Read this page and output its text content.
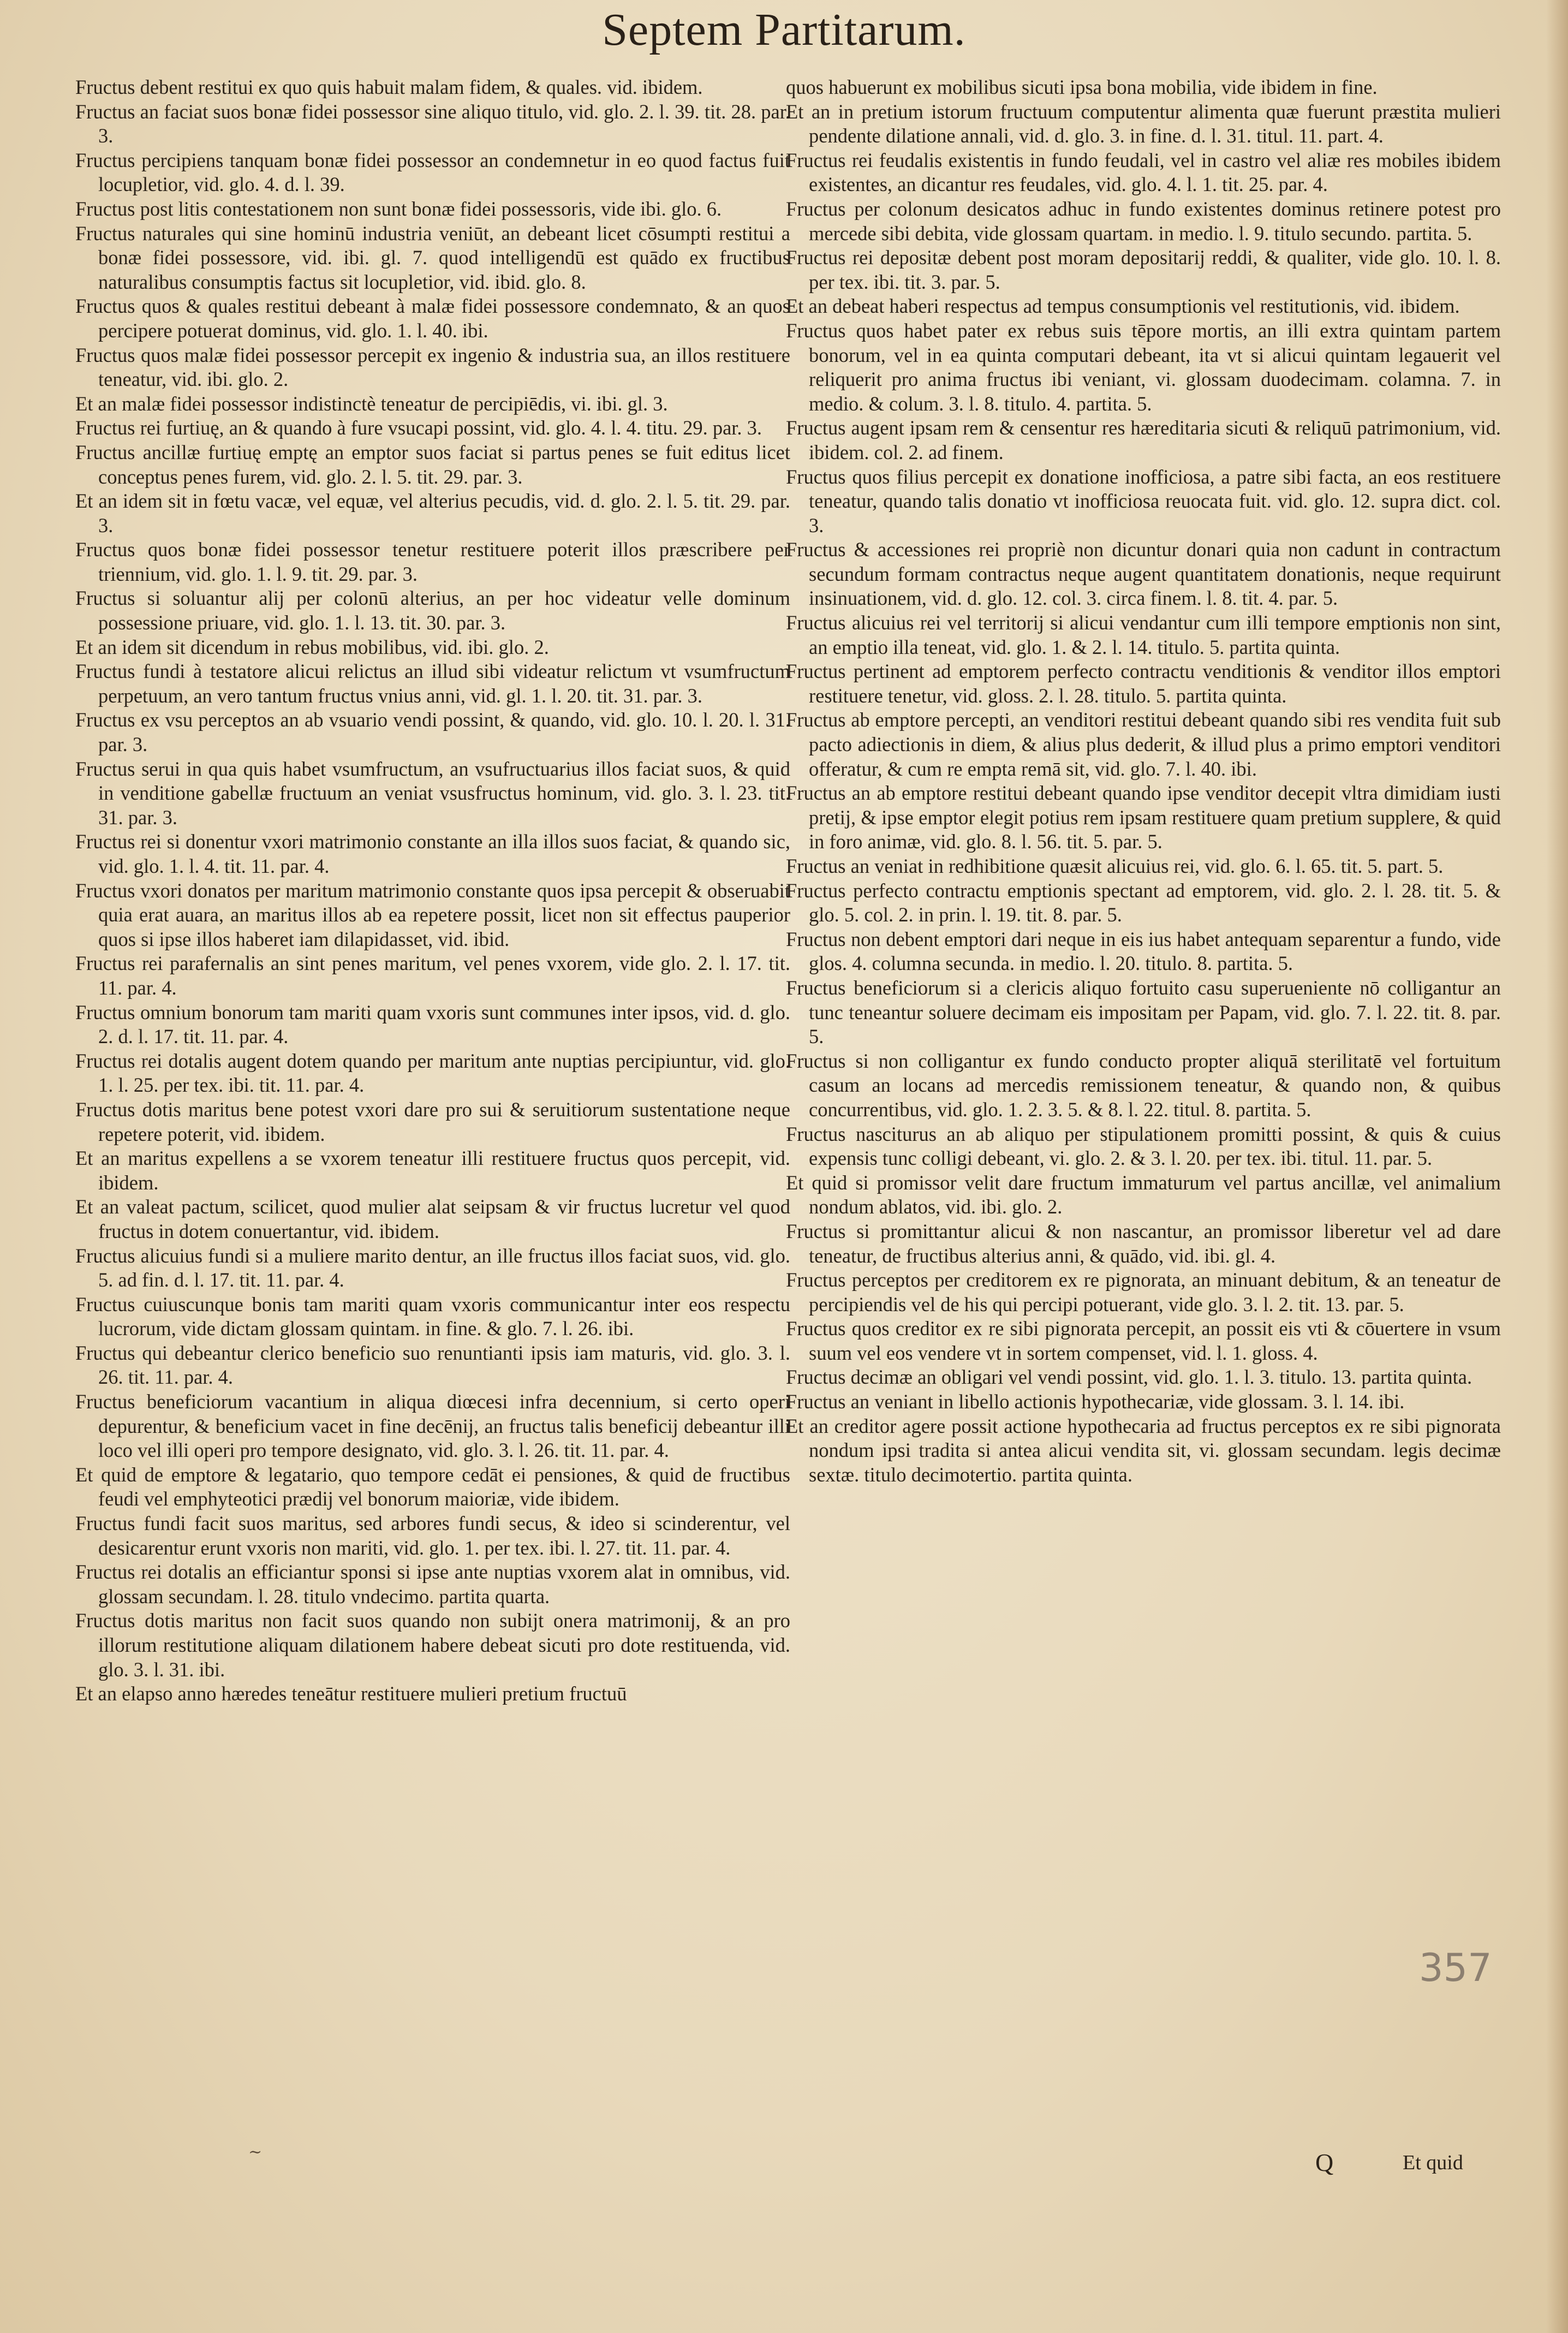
Septem Partitarum.

Fructus debent restitui ex quo quis habuit malam fidem, & quales. vid. ibidem.

Fructus an faciat suos bonæ fidei possessor sine aliquo titulo, vid. glo. 2. l. 39. tit. 28. par. 3.

Fructus percipiens tanquam bonæ fidei possessor an condemnetur in eo quod factus fuit locupletior, vid. glo. 4. d. l. 39.

Fructus post litis contestationem non sunt bonæ fidei possessoris, vide ibi. glo. 6.

Fructus naturales qui sine hominū industria veniūt, an debeant licet cōsumpti restitui a bonæ fidei possessore, vid. ibi. gl. 7. quod intelligendū est quādo ex fructibus naturalibus consumptis factus sit locupletior, vid. ibid. glo. 8.

Fructus quos & quales restitui debeant à malæ fidei possessore condemnato, & an quos percipere potuerat dominus, vid. glo. 1. l. 40. ibi.

Fructus quos malæ fidei possessor percepit ex ingenio & industria sua, an illos restituere teneatur, vid. ibi. glo. 2.

Et an malæ fidei possessor indistinctè teneatur de percipiēdis, vi. ibi. gl. 3.

Fructus rei furtiuę, an & quando à fure vsucapi possint, vid. glo. 4. l. 4. titu. 29. par. 3.

Fructus ancillæ furtiuę emptę an emptor suos faciat si partus penes se fuit editus licet conceptus penes furem, vid. glo. 2. l. 5. tit. 29. par. 3.

Et an idem sit in fœtu vacæ, vel equæ, vel alterius pecudis, vid. d. glo. 2. l. 5. tit. 29. par. 3.

Fructus quos bonæ fidei possessor tenetur restituere poterit illos præscribere per triennium, vid. glo. 1. l. 9. tit. 29. par. 3.

Fructus si soluantur alij per colonū alterius, an per hoc videatur velle dominum possessione priuare, vid. glo. 1. l. 13. tit. 30. par. 3.

Et an idem sit dicendum in rebus mobilibus, vid. ibi. glo. 2.

Fructus fundi à testatore alicui relictus an illud sibi videatur relictum vt vsumfructum perpetuum, an vero tantum fructus vnius anni, vid. gl. 1. l. 20. tit. 31. par. 3.

Fructus ex vsu perceptos an ab vsuario vendi possint, & quando, vid. glo. 10. l. 20. l. 31. par. 3.

Fructus serui in qua quis habet vsumfructum, an vsufructuarius illos faciat suos, & quid in venditione gabellæ fructuum an veniat vsusfructus hominum, vid. glo. 3. l. 23. tit. 31. par. 3.

Fructus rei si donentur vxori matrimonio constante an illa illos suos faciat, & quando sic, vid. glo. 1. l. 4. tit. 11. par. 4.

Fructus vxori donatos per maritum matrimonio constante quos ipsa percepit & obseruabit quia erat auara, an maritus illos ab ea repetere possit, licet non sit effectus pauperior quos si ipse illos haberet iam dilapidasset, vid. ibid.

Fructus rei parafernalis an sint penes maritum, vel penes vxorem, vide glo. 2. l. 17. tit. 11. par. 4.

Fructus omnium bonorum tam mariti quam vxoris sunt communes inter ipsos, vid. d. glo. 2. d. l. 17. tit. 11. par. 4.

Fructus rei dotalis augent dotem quando per maritum ante nuptias percipiuntur, vid. glo. 1. l. 25. per tex. ibi. tit. 11. par. 4.

Fructus dotis maritus bene potest vxori dare pro sui & seruitiorum sustentatione neque repetere poterit, vid. ibidem.

Et an maritus expellens a se vxorem teneatur illi restituere fructus quos percepit, vid. ibidem.

Et an valeat pactum, scilicet, quod mulier alat seipsam & vir fructus lucretur vel quod fructus in dotem conuertantur, vid. ibidem.

Fructus alicuius fundi si a muliere marito dentur, an ille fructus illos faciat suos, vid. glo. 5. ad fin. d. l. 17. tit. 11. par. 4.

Fructus cuiuscunque bonis tam mariti quam vxoris communicantur inter eos respectu lucrorum, vide dictam glossam quintam. in fine. & glo. 7. l. 26. ibi.

Fructus qui debeantur clerico beneficio suo renuntianti ipsis iam maturis, vid. glo. 3. l. 26. tit. 11. par. 4.

Fructus beneficiorum vacantium in aliqua diœcesi infra decennium, si certo operi depurentur, & beneficium vacet in fine decēnij, an fructus talis beneficij debeantur illi loco vel illi operi pro tempore designato, vid. glo. 3. l. 26. tit. 11. par. 4.

Et quid de emptore & legatario, quo tempore cedāt ei pensiones, & quid de fructibus feudi vel emphyteotici prædij vel bonorum maioriæ, vide ibidem.

Fructus fundi facit suos maritus, sed arbores fundi secus, & ideo si scinderentur, vel desicarentur erunt vxoris non mariti, vid. glo. 1. per tex. ibi. l. 27. tit. 11. par. 4.

Fructus rei dotalis an efficiantur sponsi si ipse ante nuptias vxorem alat in omnibus, vid. glossam secundam. l. 28. titulo vndecimo. partita quarta.

Fructus dotis maritus non facit suos quando non subijt onera matrimonij, & an pro illorum restitutione aliquam dilationem habere debeat sicuti pro dote restituenda, vid. glo. 3. l. 31. ibi.

Et an elapso anno hæredes teneātur restituere mulieri pretium fructuū

quos habuerunt ex mobilibus sicuti ipsa bona mobilia, vide ibidem in fine.

Et an in pretium istorum fructuum computentur alimenta quæ fuerunt præstita mulieri pendente dilatione annali, vid. d. glo. 3. in fine. d. l. 31. titul. 11. part. 4.

Fructus rei feudalis existentis in fundo feudali, vel in castro vel aliæ res mobiles ibidem existentes, an dicantur res feudales, vid. glo. 4. l. 1. tit. 25. par. 4.

Fructus per colonum desicatos adhuc in fundo existentes dominus retinere potest pro mercede sibi debita, vide glossam quartam. in medio. l. 9. titulo secundo. partita. 5.

Fructus rei depositæ debent post moram depositarij reddi, & qualiter, vide glo. 10. l. 8. per tex. ibi. tit. 3. par. 5.

Et an debeat haberi respectus ad tempus consumptionis vel restitutionis, vid. ibidem.

Fructus quos habet pater ex rebus suis tēpore mortis, an illi extra quintam partem bonorum, vel in ea quinta computari debeant, ita vt si alicui quintam legauerit vel reliquerit pro anima fructus ibi veniant, vi. glossam duodecimam. colamna. 7. in medio. & colum. 3. l. 8. titulo. 4. partita. 5.

Fructus augent ipsam rem & censentur res hæreditaria sicuti & reliquū patrimonium, vid. ibidem. col. 2. ad finem.

Fructus quos filius percepit ex donatione inofficiosa, a patre sibi facta, an eos restituere teneatur, quando talis donatio vt inofficiosa reuocata fuit. vid. glo. 12. supra dict. col. 3.

Fructus & accessiones rei propriè non dicuntur donari quia non cadunt in contractum secundum formam contractus neque augent quantitatem donationis, neque requirunt insinuationem, vid. d. glo. 12. col. 3. circa finem. l. 8. tit. 4. par. 5.

Fructus alicuius rei vel territorij si alicui vendantur cum illi tempore emptionis non sint, an emptio illa teneat, vid. glo. 1. & 2. l. 14. titulo. 5. partita quinta.

Fructus pertinent ad emptorem perfecto contractu venditionis & venditor illos emptori restituere tenetur, vid. gloss. 2. l. 28. titulo. 5. partita quinta.

Fructus ab emptore percepti, an venditori restitui debeant quando sibi res vendita fuit sub pacto adiectionis in diem, & alius plus dederit, & illud plus a primo emptori venditori offeratur, & cum re empta remā sit, vid. glo. 7. l. 40. ibi.

Fructus an ab emptore restitui debeant quando ipse venditor decepit vltra dimidiam iusti pretij, & ipse emptor elegit potius rem ipsam restituere quam pretium supplere, & quid in foro animæ, vid. glo. 8. l. 56. tit. 5. par. 5.

Fructus an veniat in redhibitione quæsit alicuius rei, vid. glo. 6. l. 65. tit. 5. part. 5.

Fructus perfecto contractu emptionis spectant ad emptorem, vid. glo. 2. l. 28. tit. 5. & glo. 5. col. 2. in prin. l. 19. tit. 8. par. 5.

Fructus non debent emptori dari neque in eis ius habet antequam separentur a fundo, vide glos. 4. columna secunda. in medio. l. 20. titulo. 8. partita. 5.

Fructus beneficiorum si a clericis aliquo fortuito casu superueniente nō colligantur an tunc teneantur soluere decimam eis impositam per Papam, vid. glo. 7. l. 22. tit. 8. par. 5.

Fructus si non colligantur ex fundo conducto propter aliquā sterilitatē vel fortuitum casum an locans ad mercedis remissionem teneatur, & quando non, & quibus concurrentibus, vid. glo. 1. 2. 3. 5. & 8. l. 22. titul. 8. partita. 5.

Fructus nasciturus an ab aliquo per stipulationem promitti possint, & quis & cuius expensis tunc colligi debeant, vi. glo. 2. & 3. l. 20. per tex. ibi. titul. 11. par. 5.

Et quid si promissor velit dare fructum immaturum vel partus ancillæ, vel animalium nondum ablatos, vid. ibi. glo. 2.

Fructus si promittantur alicui & non nascantur, an promissor liberetur vel ad dare teneatur, de fructibus alterius anni, & quādo, vid. ibi. gl. 4.

Fructus perceptos per creditorem ex re pignorata, an minuant debitum, & an teneatur de percipiendis vel de his qui percipi potuerant, vide glo. 3. l. 2. tit. 13. par. 5.

Fructus quos creditor ex re sibi pignorata percepit, an possit eis vti & cōuertere in vsum suum vel eos vendere vt in sortem compenset, vid. l. 1. gloss. 4.

Fructus decimæ an obligari vel vendi possint, vid. glo. 1. l. 3. titulo. 13. partita quinta.

Fructus an veniant in libello actionis hypothecariæ, vide glossam. 3. l. 14. ibi.

Et an creditor agere possit actione hypothecaria ad fructus perceptos ex re sibi pignorata nondum ipsi tradita si antea alicui vendita sit, vi. glossam secundam. legis decimæ sextæ. titulo decimotertio. partita quinta.

~	Q	Et quid
357
